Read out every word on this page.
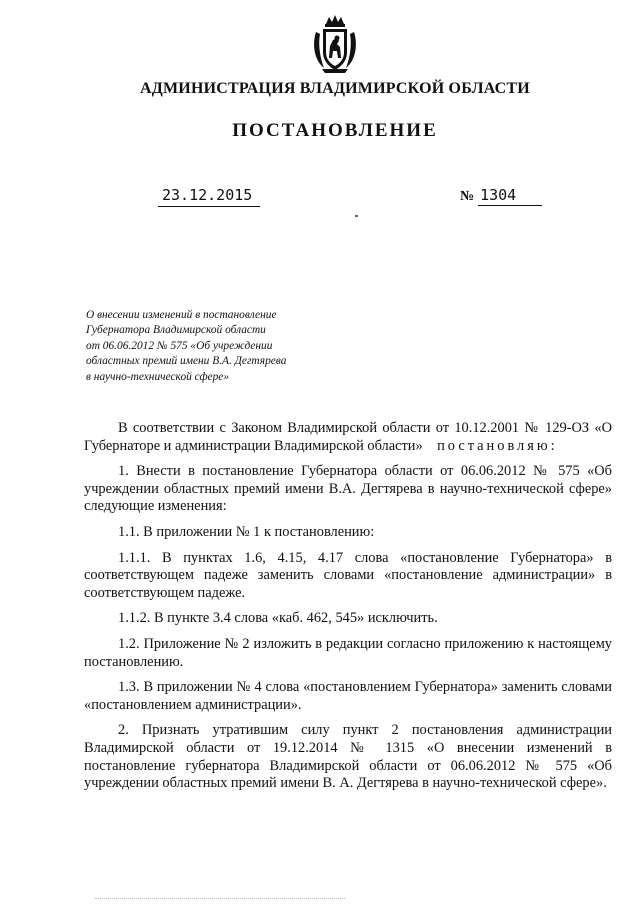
АДМИНИСТРАЦИЯ ВЛАДИМИРСКОЙ ОБЛАСТИ
ПОСТАНОВЛЕНИЕ
23.12.2015	№ 1304
О внесении изменений в постановление
Губернатора Владимирской области
от 06.06.2012 № 575 «Об учреждении
областных премий имени В.А. Дегтярева
в научно-технической сфере»

В соответствии с Законом Владимирской области от 10.12.2001 № 129-ОЗ «О Губернаторе и администрации Владимирской области» постановляю:

1. Внести в постановление Губернатора области от 06.06.2012 № 575 «Об учреждении областных премий имени В.А. Дегтярева в научно-технической сфере» следующие изменения:

1.1. В приложении № 1 к постановлению:

1.1.1. В пунктах 1.6, 4.15, 4.17 слова «постановление Губернатора» в соответствующем падеже заменить словами «постановление администрации» в соответствующем падеже.

1.1.2. В пункте 3.4 слова «каб. 462, 545» исключить.

1.2. Приложение № 2 изложить в редакции согласно приложению к настоящему постановлению.

1.3. В приложении № 4 слова «постановлением Губернатора» заменить словами «постановлением администрации».

2. Признать утратившим силу пункт 2 постановления администрации Владимирской области от 19.12.2014 № 1315 «О внесении изменений в постановление губернатора Владимирской области от 06.06.2012 № 575 «Об учреждении областных премий имени В. А. Дегтярева в научно-технической сфере».
